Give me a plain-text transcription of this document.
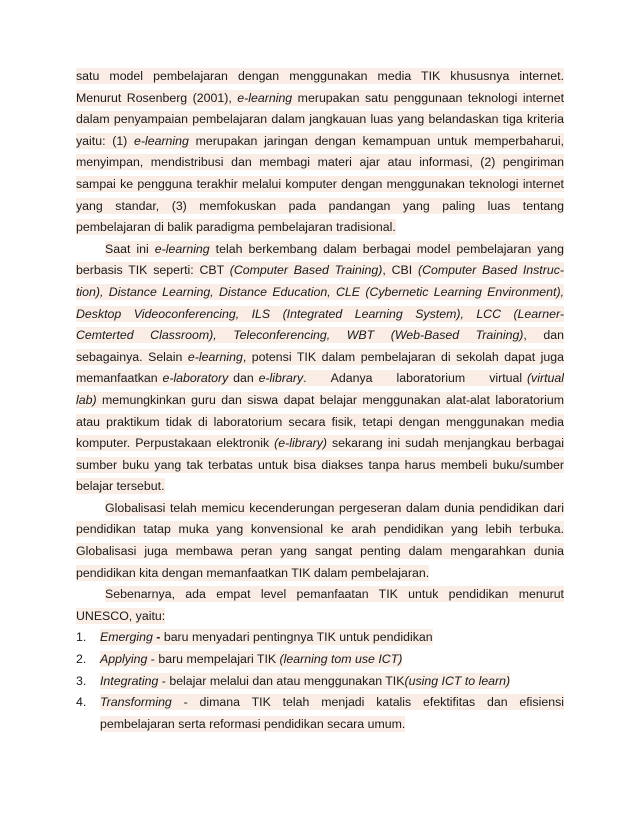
satu model pembelajaran dengan menggunakan media TIK khususnya internet.
Menurut Rosenberg (2001), e-learning merupakan satu penggunaan teknologi internet
dalam penyampaian pembelajaran dalam jangkauan luas yang belandaskan tiga kriteria
yaitu: (1) e-learning merupakan jaringan dengan kemampuan untuk memperbaharui,
menyimpan, mendistribusi dan membagi materi ajar atau informasi, (2) pengiriman
sampai ke pengguna terakhir melalui komputer dengan menggunakan teknologi internet
yang standar, (3) memfokuskan pada pandangan yang paling luas tentang
pembelajaran di balik paradigma pembelajaran tradisional.
Saat ini e-learning telah berkembang dalam berbagai model pembelajaran yang
berbasis TIK seperti: CBT (Computer Based Training), CBI (Computer Based Instruc-
tion), Distance Learning, Distance Education, CLE (Cybernetic Learning Environment),
Desktop Videoconferencing, ILS (Integrated Learning System), LCC (Learner-
Cemterted Classroom), Teleconferencing, WBT (Web-Based Training), dan
sebagainya. Selain e-learning, potensi TIK dalam pembelajaran di sekolah dapat juga
memanfaatkan e-laboratory dan e-library.     Adanya     laboratorium     virtual (virtual
lab) memungkinkan guru dan siswa dapat belajar menggunakan alat-alat laboratorium
atau praktikum tidak di laboratorium secara fisik, tetapi dengan menggunakan media
komputer. Perpustakaan elektronik (e-library) sekarang ini sudah menjangkau berbagai
sumber buku yang tak terbatas untuk bisa diakses tanpa harus membeli buku/sumber
belajar tersebut.
Globalisasi telah memicu kecenderungan pergeseran dalam dunia pendidikan dari
pendidikan tatap muka yang konvensional ke arah pendidikan yang lebih terbuka.
Globalisasi juga membawa peran yang sangat penting dalam mengarahkan dunia
pendidikan kita dengan memanfaatkan TIK dalam pembelajaran.
Sebenarnya, ada empat level pemanfaatan TIK untuk pendidikan menurut
UNESCO, yaitu:
1. Emerging - baru menyadari pentingnya TIK untuk pendidikan
2. Applying - baru mempelajari TIK (learning tom use ICT)
3. Integrating - belajar melalui dan atau menggunakan TIK(using ICT to learn)
4. Transforming - dimana TIK telah menjadi katalis efektifitas dan efisiensi
pembelajaran serta reformasi pendidikan secara umum.
